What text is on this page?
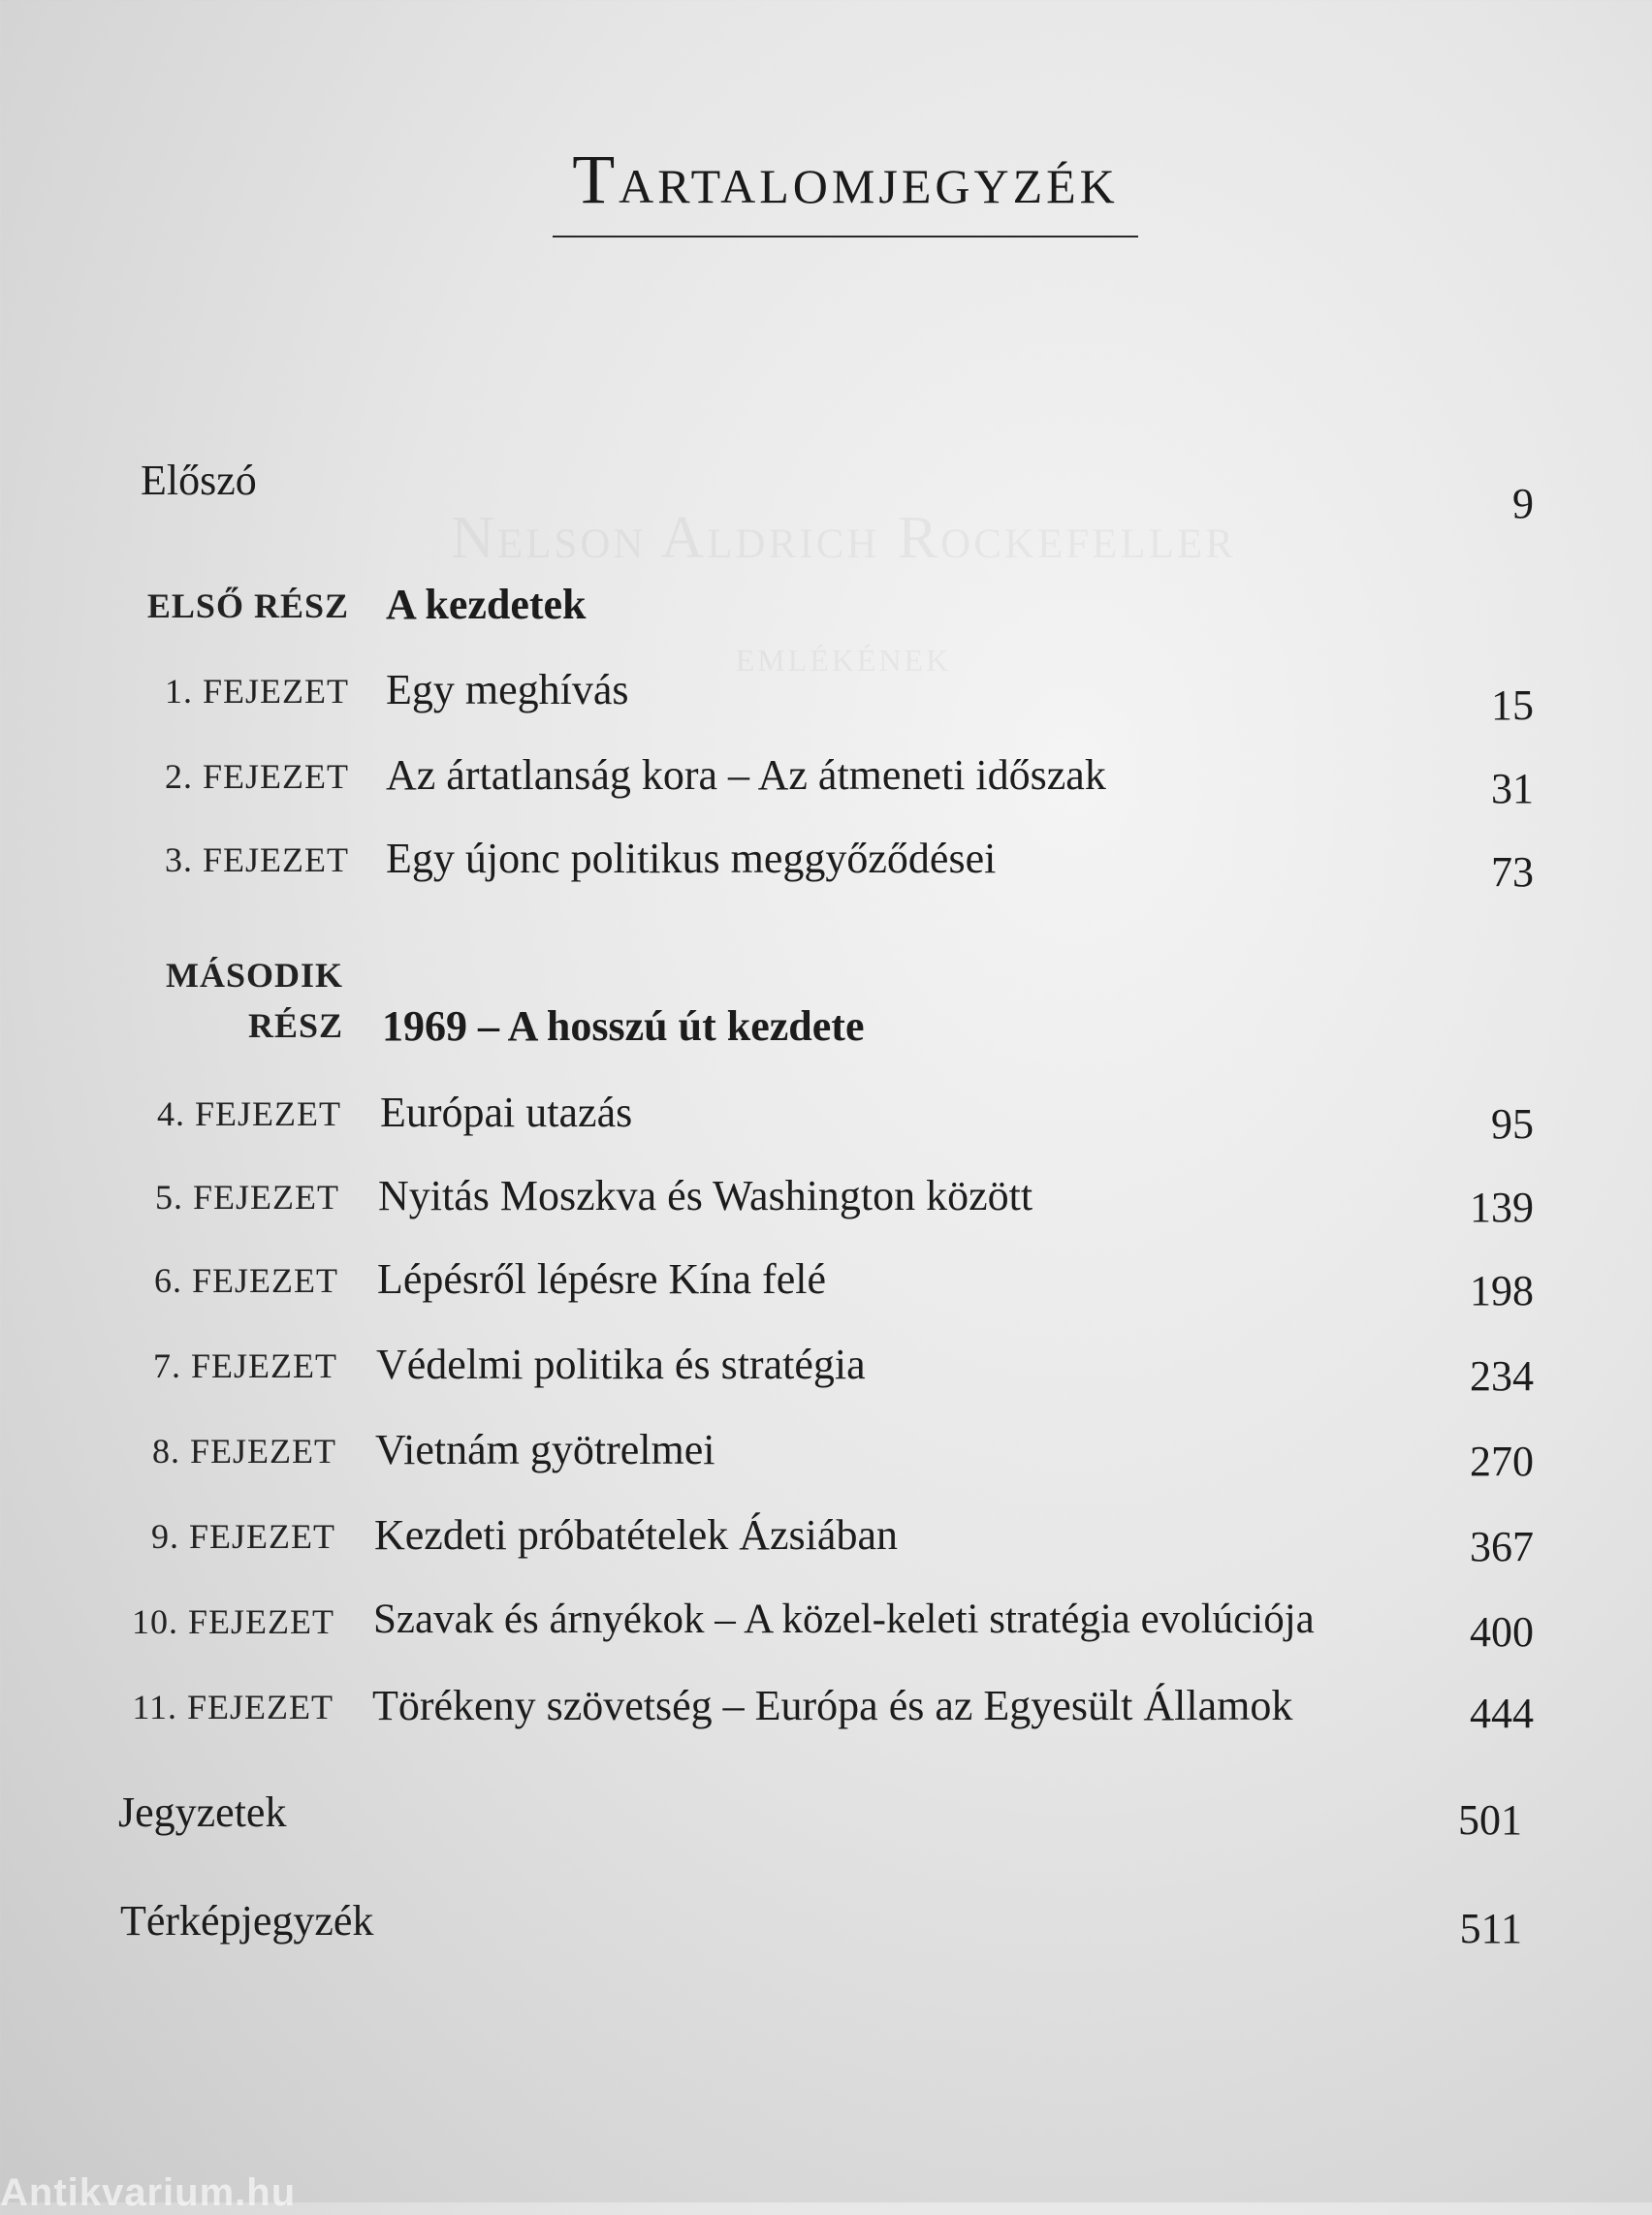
Tartalomjegyzék
Előszó	9
ELSŐ RÉSZ A kezdetek
1. FEJEZET Egy meghívás	15
2. FEJEZET Az ártatlanság kora – Az átmeneti időszak	31
3. FEJEZET Egy újonc politikus meggyőződései	73
MÁSODIK
RÉSZ 1969 – A hosszú út kezdete
4. FEJEZET Európai utazás	95
5. FEJEZET Nyitás Moszkva és Washington között	139
6. FEJEZET Lépésről lépésre Kína felé	198
7. FEJEZET Védelmi politika és stratégia	234
8. FEJEZET Vietnám gyötrelmei	270
9. FEJEZET Kezdeti próbatételek Ázsiában	367
10. FEJEZET Szavak és árnyékok – A közel-keleti stratégia evolúciója	400
11. FEJEZET Törékeny szövetség – Európa és az Egyesült Államok	444
Jegyzetek	501
Térképjegyzék	511
Antikvarium.hu
